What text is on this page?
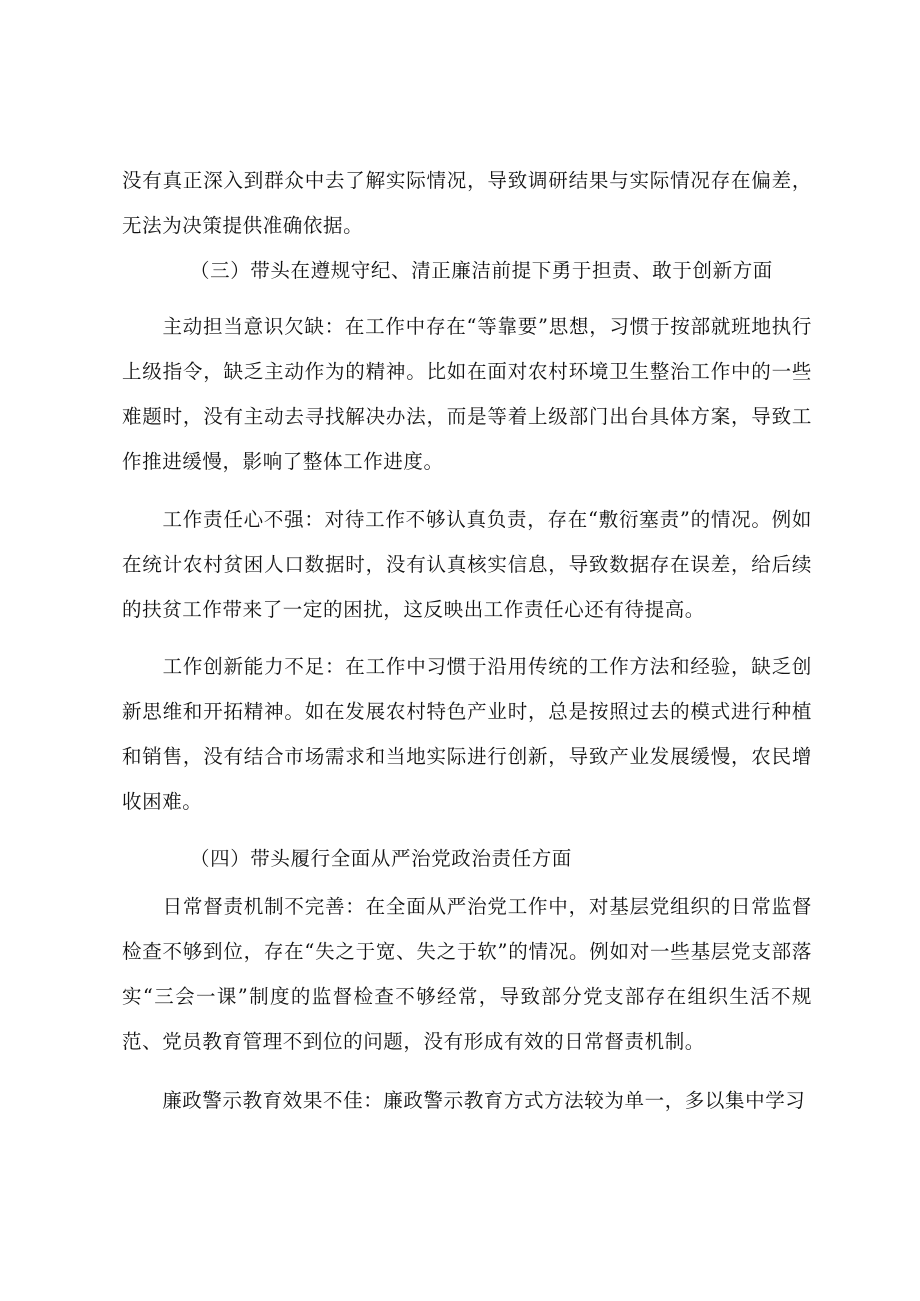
没有真正深入到群众中去了解实际情况，导致调研结果与实际情况存在偏差，无法为决策提供准确依据。

（三）带头在遵规守纪、清正廉洁前提下勇于担责、敢于创新方面

　　主动担当意识欠缺：在工作中存在“等靠要”思想，习惯于按部就班地执行上级指令，缺乏主动作为的精神。比如在面对农村环境卫生整治工作中的一些难题时，没有主动去寻找解决办法，而是等着上级部门出台具体方案，导致工作推进缓慢，影响了整体工作进度。

　　工作责任心不强：对待工作不够认真负责，存在“敷衍塞责”的情况。例如在统计农村贫困人口数据时，没有认真核实信息，导致数据存在误差，给后续的扶贫工作带来了一定的困扰，这反映出工作责任心还有待提高。

　　工作创新能力不足：在工作中习惯于沿用传统的工作方法和经验，缺乏创新思维和开拓精神。如在发展农村特色产业时，总是按照过去的模式进行种植和销售，没有结合市场需求和当地实际进行创新，导致产业发展缓慢，农民增收困难。

（四）带头履行全面从严治党政治责任方面

　　日常督责机制不完善：在全面从严治党工作中，对基层党组织的日常监督检查不够到位，存在“失之于宽、失之于软”的情况。例如对一些基层党支部落实“三会一课”制度的监督检查不够经常，导致部分党支部存在组织生活不规范、党员教育管理不到位的问题，没有形成有效的日常督责机制。

　　廉政警示教育效果不佳：廉政警示教育方式方法较为单一，多以集中学习
